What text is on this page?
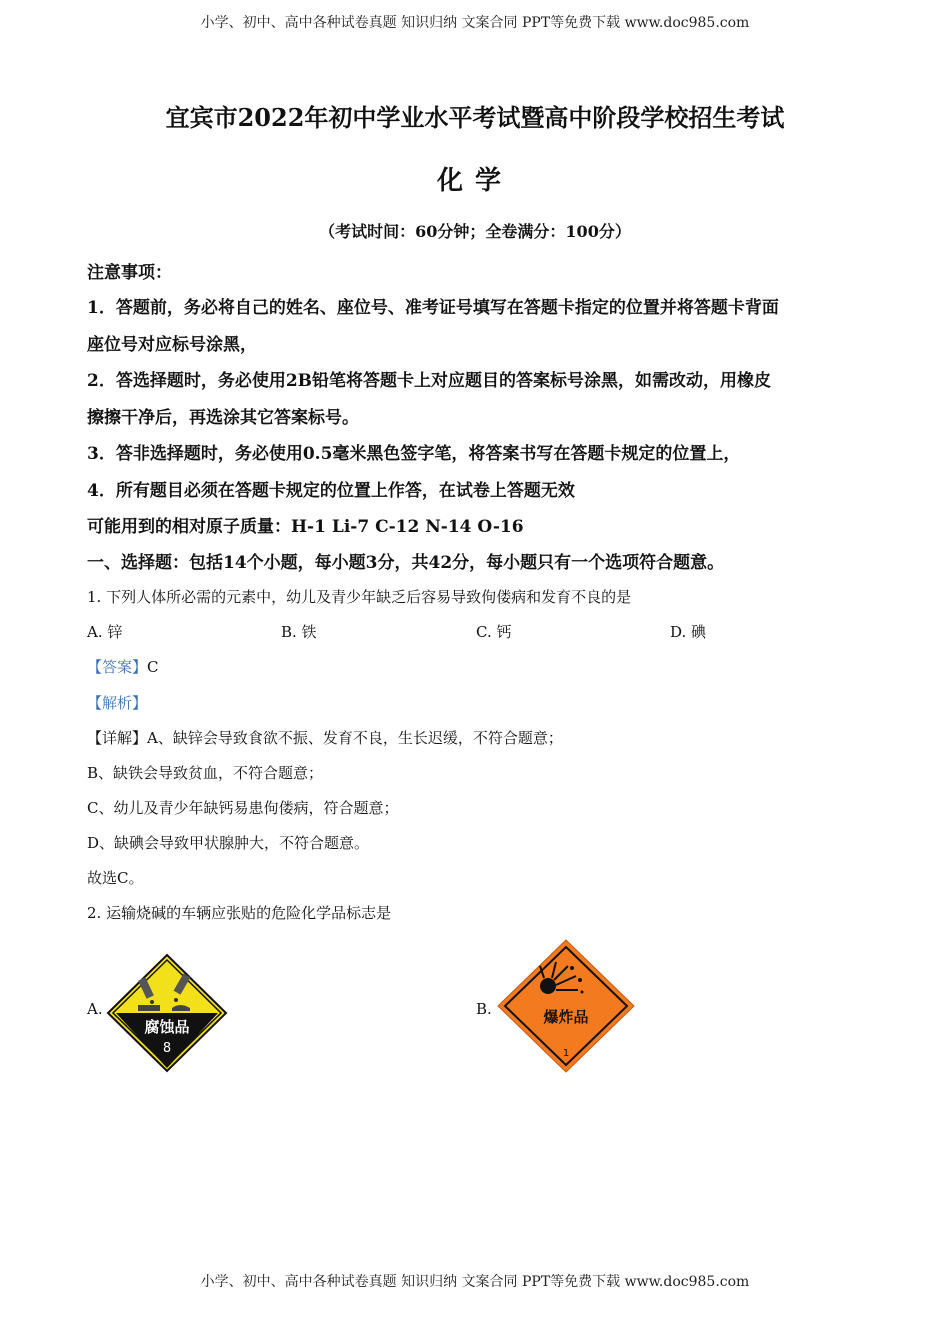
小学、初中、高中各种试卷真题 知识归纳 文案合同 PPT等免费下载 www.doc985.com
宜宾市2022年初中学业水平考试暨高中阶段学校招生考试
化学
（考试时间：60分钟；全卷满分：100分）
注意事项：
1．答题前，务必将自己的姓名、座位号、准考证号填写在答题卡指定的位置并将答题卡背面
座位号对应标号涂黑，
2．答选择题时，务必使用2B铅笔将答题卡上对应题目的答案标号涂黑，如需改动，用橡皮
擦擦干净后，再选涂其它答案标号。
3．答非选择题时，务必使用0.5毫米黑色签字笔，将答案书写在答题卡规定的位置上，
4．所有题目必须在答题卡规定的位置上作答，在试卷上答题无效
可能用到的相对原子质量：H-1 Li-7 C-12 N-14 O-16
一、选择题：包括14个小题，每小题3分，共42分，每小题只有一个选项符合题意。
1. 下列人体所必需的元素中，幼儿及青少年缺乏后容易导致佝偻病和发育不良的是
A. 锌	B. 铁	C. 钙	D. 碘
【答案】C
【解析】
【详解】A、缺锌会导致食欲不振、发育不良，生长迟缓，不符合题意；
B、缺铁会导致贫血，不符合题意；
C、幼儿及青少年缺钙易患佝偻病，符合题意；
D、缺碘会导致甲状腺肿大，不符合题意。
故选C。
2. 运输烧碱的车辆应张贴的危险化学品标志是
A.
腐蚀品
8
B.	爆炸品
1
小学、初中、高中各种试卷真题 知识归纳 文案合同 PPT等免费下载 www.doc985.com
